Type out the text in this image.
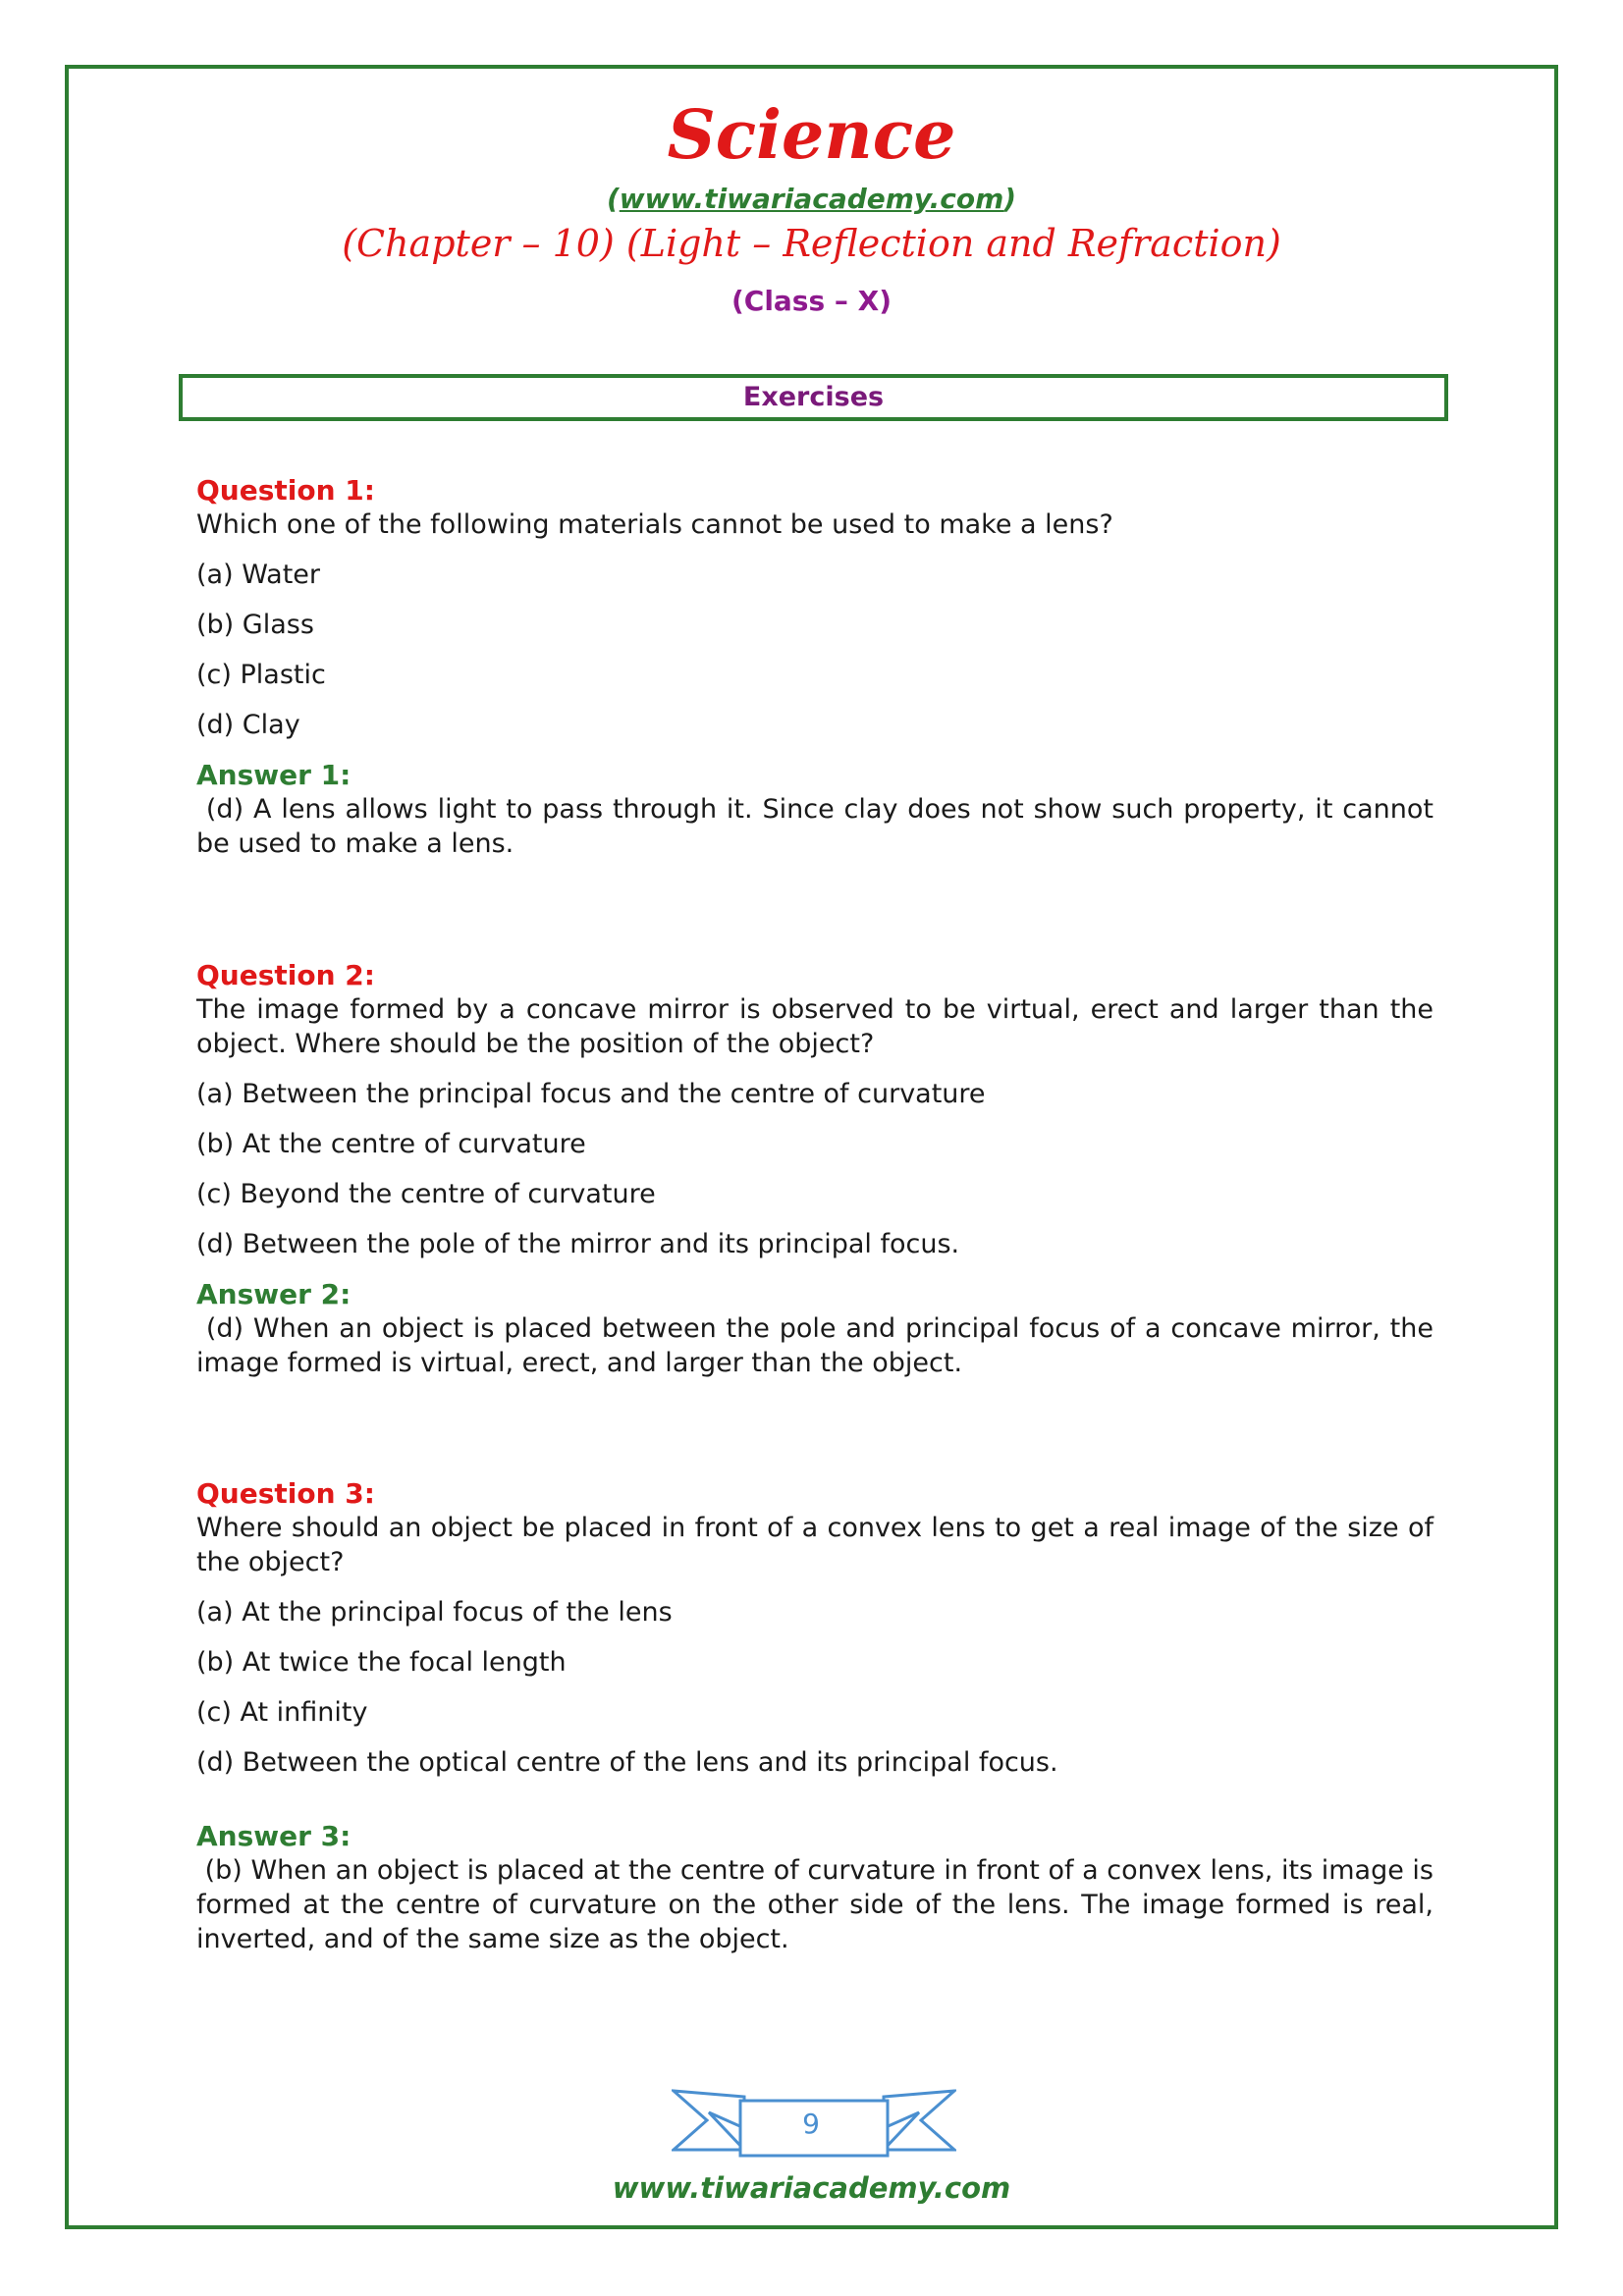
Science
(www.tiwariacademy.com)
(Chapter – 10) (Light – Reflection and Refraction)
(Class – X)
Exercises
Question 1:
Which one of the following materials cannot be used to make a lens?
(a) Water
(b) Glass
(c) Plastic
(d) Clay
Answer 1:
(d) A lens allows light to pass through it. Since clay does not show such property, it cannot be used to make a lens.
Question 2:
The image formed by a concave mirror is observed to be virtual, erect and larger than the object. Where should be the position of the object?
(a) Between the principal focus and the centre of curvature
(b) At the centre of curvature
(c) Beyond the centre of curvature
(d) Between the pole of the mirror and its principal focus.
Answer 2:
(d) When an object is placed between the pole and principal focus of a concave mirror, the image formed is virtual, erect, and larger than the object.
Question 3:
Where should an object be placed in front of a convex lens to get a real image of the size of the object?
(a) At the principal focus of the lens
(b) At twice the focal length
(c) At infinity
(d) Between the optical centre of the lens and its principal focus.
Answer 3:
(b) When an object is placed at the centre of curvature in front of a convex lens, its image is formed at the centre of curvature on the other side of the lens. The image formed is real, inverted, and of the same size as the object.
9
www.tiwariacademy.com
